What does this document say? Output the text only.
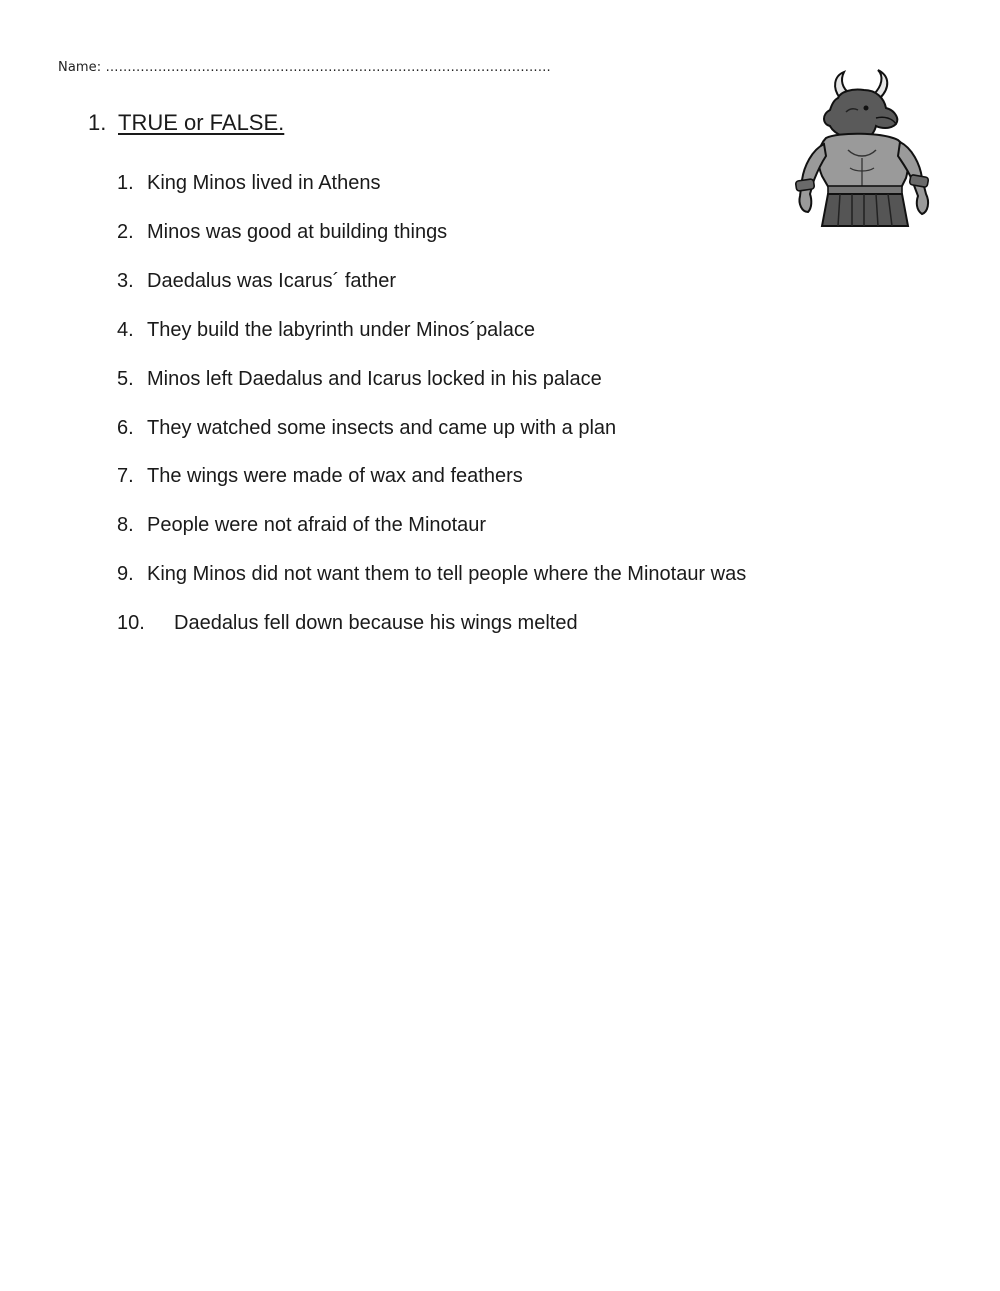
Name: …………………………………………………………………………………………
1. TRUE or FALSE.
1. King Minos lived in Athens
2. Minos was good at building things
3. Daedalus was Icarus´ father
4. They build the labyrinth under Minos´palace
5. Minos left Daedalus and Icarus locked in his palace
6. They watched some insects and came up with a plan
7. The wings were made of wax and feathers
8. People were not afraid of the Minotaur
9. King Minos did not want them to tell people where the Minotaur was
10. Daedalus fell down because his wings melted
